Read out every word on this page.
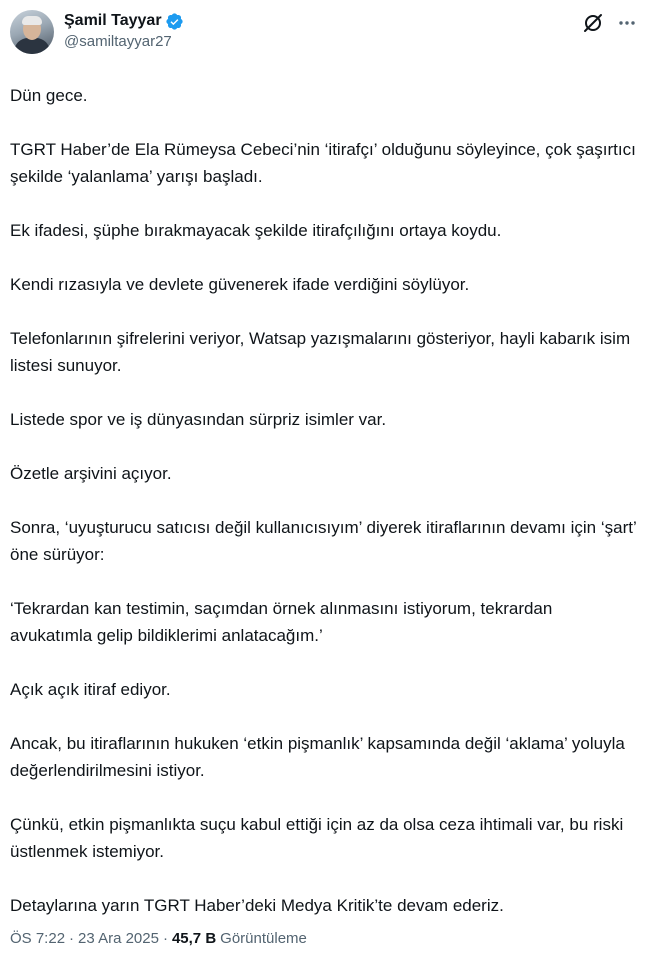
Şamil Tayyar
@samiltayyar27

Dün gece.

TGRT Haber’de Ela Rümeysa Cebeci’nin ‘itirafçı’ olduğunu söyleyince, çok şaşırtıcı şekilde ‘yalanlama’ yarışı başladı.

Ek ifadesi, şüphe bırakmayacak şekilde itirafçılığını ortaya koydu.

Kendi rızasıyla ve devlete güvenerek ifade verdiğini söylüyor.

Telefonlarının şifrelerini veriyor, Watsap yazışmalarını gösteriyor, hayli kabarık isim listesi sunuyor.

Listede spor ve iş dünyasından sürpriz isimler var.

Özetle arşivini açıyor.

Sonra, ‘uyuşturucu satıcısı değil kullanıcısıyım’ diyerek itiraflarının devamı için ‘şart’ öne sürüyor:

‘Tekrardan kan testimin, saçımdan örnek alınmasını istiyorum, tekrardan avukatımla gelip bildiklerimi anlatacağım.’

Açık açık itiraf ediyor.

Ancak, bu itiraflarının hukuken ‘etkin pişmanlık’ kapsamında değil ‘aklama’ yoluyla değerlendirilmesini istiyor.

Çünkü, etkin pişmanlıkta suçu kabul ettiği için az da olsa ceza ihtimali var, bu riski üstlenmek istemiyor.

Detaylarına yarın TGRT Haber’deki Medya Kritik’te devam ederiz.

ÖS 7:22 · 23 Ara 2025 · 45,7 B Görüntüleme
